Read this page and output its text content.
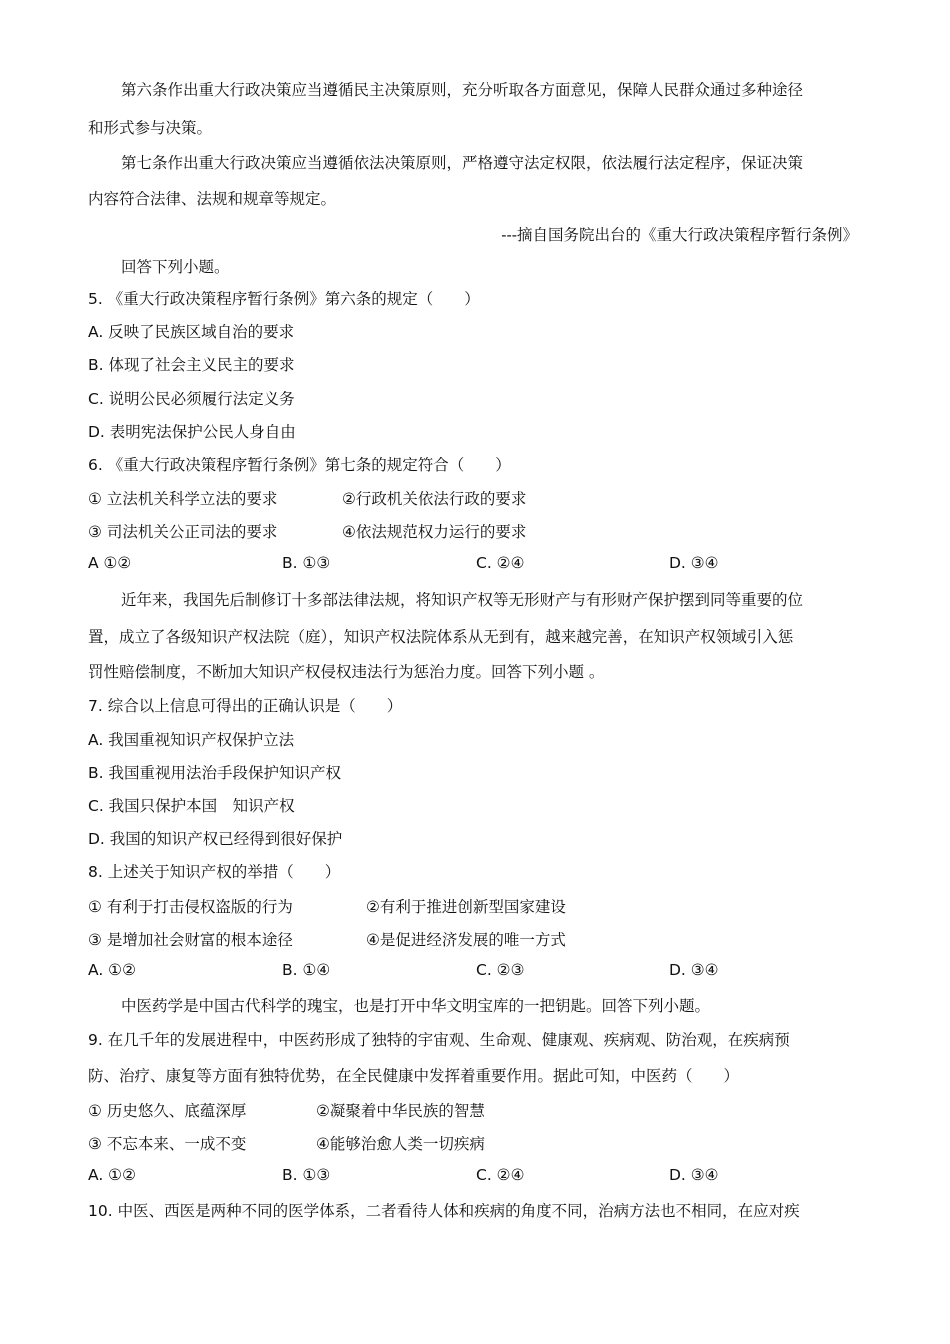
第六条作出重大行政决策应当遵循民主决策原则，充分听取各方面意见，保障人民群众通过多种途径
和形式参与决策。
第七条作出重大行政决策应当遵循依法决策原则，严格遵守法定权限，依法履行法定程序，保证决策
内容符合法律、法规和规章等规定。
---摘自国务院出台的《重大行政决策程序暂行条例》
回答下列小题。
5. 《重大行政决策程序暂行条例》第六条的规定（　　）
A. 反映了民族区域自治的要求
B. 体现了社会主义民主的要求
C. 说明公民必须履行法定义务
D. 表明宪法保护公民人身自由
6. 《重大行政决策程序暂行条例》第七条的规定符合（　　）
① 立法机关科学立法的要求	②行政机关依法行政的要求
③ 司法机关公正司法的要求	④依法规范权力运行的要求
A ①②	B. ①③	C. ②④	D. ③④
近年来，我国先后制修订十多部法律法规，将知识产权等无形财产与有形财产保护摆到同等重要的位
置，成立了各级知识产权法院（庭），知识产权法院体系从无到有，越来越完善，在知识产权领域引入惩
罚性赔偿制度，不断加大知识产权侵权违法行为惩治力度。回答下列小题 。
7. 综合以上信息可得出的正确认识是（　　）
A. 我国重视知识产权保护立法
B. 我国重视用法治手段保护知识产权
C. 我国只保护本国　知识产权
D. 我国的知识产权已经得到很好保护
8. 上述关于知识产权的举措（　　）
① 有利于打击侵权盗版的行为	②有利于推进创新型国家建设
③ 是增加社会财富的根本途径	④是促进经济发展的唯一方式
A. ①②	B. ①④	C. ②③	D. ③④
中医药学是中国古代科学的瑰宝，也是打开中华文明宝库的一把钥匙。回答下列小题。
9. 在几千年的发展进程中，中医药形成了独特的宇宙观、生命观、健康观、疾病观、防治观，在疾病预
防、治疗、康复等方面有独特优势，在全民健康中发挥着重要作用。据此可知，中医药（　　）
① 历史悠久、底蕴深厚	②凝聚着中华民族的智慧
③ 不忘本来、一成不变	④能够治愈人类一切疾病
A. ①②	B. ①③	C. ②④	D. ③④
10. 中医、西医是两种不同的医学体系，二者看待人体和疾病的角度不同，治病方法也不相同，在应对疾
